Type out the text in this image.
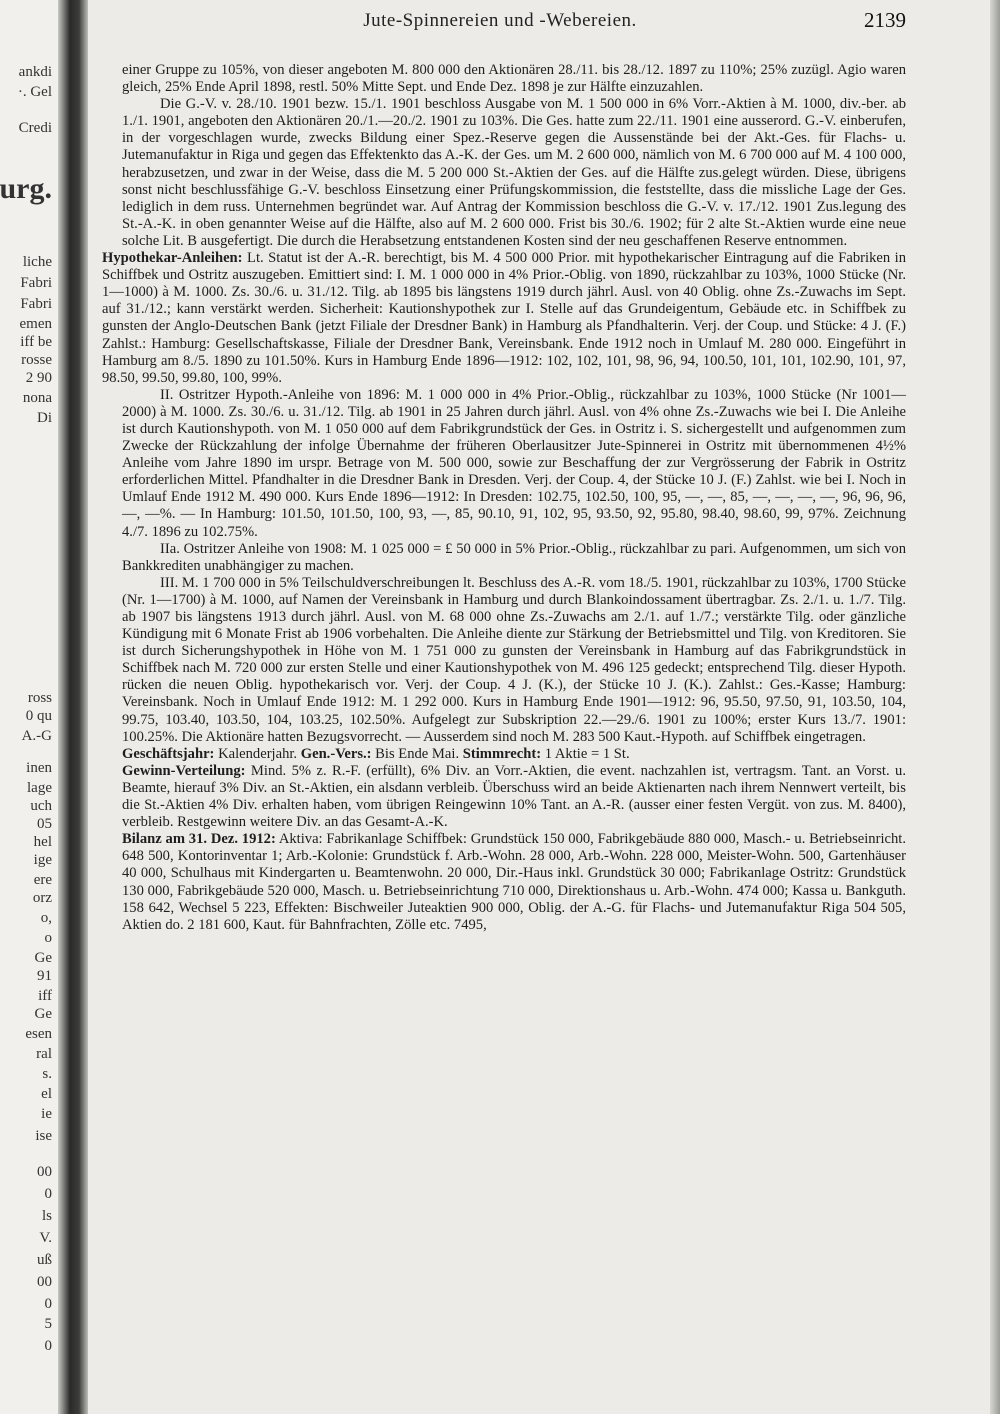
ankdi
·. Gel
Credi
urg.
liche
Fabri
Fabri
emen
iff be
rosse
2 90
nona
Di
ross
0 qu
A.-G
inen
lage
uch
05
hel
ige
ere
orz
o,
o
Ge
91
iff
Ge
esen
ral
s.
el
ie
ise
00
0
ls
V.
uß
00
0
5
0
Jute-Spinnereien und -Webereien.	2139

einer Gruppe zu 105%, von dieser angeboten M. 800 000 den Aktionären 28./11. bis 28./12. 1897 zu 110%; 25% zuzügl. Agio waren gleich, 25% Ende April 1898, restl. 50% Mitte Sept. und Ende Dez. 1898 je zur Hälfte einzuzahlen.

Die G.-V. v. 28./10. 1901 bezw. 15./1. 1901 beschloss Ausgabe von M. 1 500 000 in 6% Vorr.-Aktien à M. 1000, div.-ber. ab 1./1. 1901, angeboten den Aktionären 20./1.—20./2. 1901 zu 103%. Die Ges. hatte zum 22./11. 1901 eine ausserord. G.-V. einberufen, in der vorgeschlagen wurde, zwecks Bildung einer Spez.-Reserve gegen die Aussenstände bei der Akt.-Ges. für Flachs- u. Jutemanufaktur in Riga und gegen das Effektenkto das A.-K. der Ges. um M. 2 600 000, nämlich von M. 6 700 000 auf M. 4 100 000, herabzusetzen, und zwar in der Weise, dass die M. 5 200 000 St.-Aktien der Ges. auf die Hälfte zus.gelegt würden. Diese, übrigens sonst nicht beschlussfähige G.-V. beschloss Einsetzung einer Prüfungskommission, die feststellte, dass die missliche Lage der Ges. lediglich in dem russ. Unternehmen begründet war. Auf Antrag der Kommission beschloss die G.-V. v. 17./12. 1901 Zus.legung des St.-A.-K. in oben genannter Weise auf die Hälfte, also auf M. 2 600 000. Frist bis 30./6. 1902; für 2 alte St.-Aktien wurde eine neue solche Lit. B ausgefertigt. Die durch die Herabsetzung entstandenen Kosten sind der neu geschaffenen Reserve entnommen.

Hypothekar-Anleihen: Lt. Statut ist der A.-R. berechtigt, bis M. 4 500 000 Prior. mit hypothekarischer Eintragung auf die Fabriken in Schiffbek und Ostritz auszugeben. Emittiert sind: I. M. 1 000 000 in 4% Prior.-Oblig. von 1890, rückzahlbar zu 103%, 1000 Stücke (Nr. 1—1000) à M. 1000. Zs. 30./6. u. 31./12. Tilg. ab 1895 bis längstens 1919 durch jährl. Ausl. von 40 Oblig. ohne Zs.-Zuwachs im Sept. auf 31./12.; kann verstärkt werden. Sicherheit: Kautionshypothek zur I. Stelle auf das Grundeigentum, Gebäude etc. in Schiffbek zu gunsten der Anglo-Deutschen Bank (jetzt Filiale der Dresdner Bank) in Hamburg als Pfandhalterin. Verj. der Coup. und Stücke: 4 J. (F.) Zahlst.: Hamburg: Gesellschaftskasse, Filiale der Dresdner Bank, Vereinsbank. Ende 1912 noch in Umlauf M. 280 000. Eingeführt in Hamburg am 8./5. 1890 zu 101.50%. Kurs in Hamburg Ende 1896—1912: 102, 102, 101, 98, 96, 94, 100.50, 101, 101, 102.90, 101, 97, 98.50, 99.50, 99.80, 100, 99%.

II. Ostritzer Hypoth.-Anleihe von 1896: M. 1 000 000 in 4% Prior.-Oblig., rückzahlbar zu 103%, 1000 Stücke (Nr 1001—2000) à M. 1000. Zs. 30./6. u. 31./12. Tilg. ab 1901 in 25 Jahren durch jährl. Ausl. von 4% ohne Zs.-Zuwachs wie bei I. Die Anleihe ist durch Kautionshypoth. von M. 1 050 000 auf dem Fabrikgrundstück der Ges. in Ostritz i. S. sichergestellt und aufgenommen zum Zwecke der Rückzahlung der infolge Übernahme der früheren Oberlausitzer Jute-Spinnerei in Ostritz mit übernommenen 4½% Anleihe vom Jahre 1890 im urspr. Betrage von M. 500 000, sowie zur Beschaffung der zur Vergrösserung der Fabrik in Ostritz erforderlichen Mittel. Pfandhalter in die Dresdner Bank in Dresden. Verj. der Coup. 4, der Stücke 10 J. (F.) Zahlst. wie bei I. Noch in Umlauf Ende 1912 M. 490 000. Kurs Ende 1896—1912: In Dresden: 102.75, 102.50, 100, 95, —, —, 85, —, —, —, —, 96, 96, 96, —, —%. — In Hamburg: 101.50, 101.50, 100, 93, —, 85, 90.10, 91, 102, 95, 93.50, 92, 95.80, 98.40, 98.60, 99, 97%. Zeichnung 4./7. 1896 zu 102.75%.

IIa. Ostritzer Anleihe von 1908: M. 1 025 000 = £ 50 000 in 5% Prior.-Oblig., rückzahlbar zu pari. Aufgenommen, um sich von Bankkrediten unabhängiger zu machen.

III. M. 1 700 000 in 5% Teilschuldverschreibungen lt. Beschluss des A.-R. vom 18./5. 1901, rückzahlbar zu 103%, 1700 Stücke (Nr. 1—1700) à M. 1000, auf Namen der Vereinsbank in Hamburg und durch Blankoindossament übertragbar. Zs. 2./1. u. 1./7. Tilg. ab 1907 bis längstens 1913 durch jährl. Ausl. von M. 68 000 ohne Zs.-Zuwachs am 2./1. auf 1./7.; verstärkte Tilg. oder gänzliche Kündigung mit 6 Monate Frist ab 1906 vorbehalten. Die Anleihe diente zur Stärkung der Betriebsmittel und Tilg. von Kreditoren. Sie ist durch Sicherungshypothek in Höhe von M. 1 751 000 zu gunsten der Vereinsbank in Hamburg auf das Fabrikgrundstück in Schiffbek nach M. 720 000 zur ersten Stelle und einer Kautionshypothek von M. 496 125 gedeckt; entsprechend Tilg. dieser Hypoth. rücken die neuen Oblig. hypothekarisch vor. Verj. der Coup. 4 J. (K.), der Stücke 10 J. (K.). Zahlst.: Ges.-Kasse; Hamburg: Vereinsbank. Noch in Umlauf Ende 1912: M. 1 292 000. Kurs in Hamburg Ende 1901—1912: 96, 95.50, 97.50, 91, 103.50, 104, 99.75, 103.40, 103.50, 104, 103.25, 102.50%. Aufgelegt zur Subskription 22.—29./6. 1901 zu 100%; erster Kurs 13./7. 1901: 100.25%. Die Aktionäre hatten Bezugsvorrecht. — Ausserdem sind noch M. 283 500 Kaut.-Hypoth. auf Schiffbek eingetragen.

Geschäftsjahr: Kalenderjahr. Gen.-Vers.: Bis Ende Mai. Stimmrecht: 1 Aktie = 1 St.

Gewinn-Verteilung: Mind. 5% z. R.-F. (erfüllt), 6% Div. an Vorr.-Aktien, die event. nachzahlen ist, vertragsm. Tant. an Vorst. u. Beamte, hierauf 3% Div. an St.-Aktien, ein alsdann verbleib. Überschuss wird an beide Aktienarten nach ihrem Nennwert verteilt, bis die St.-Aktien 4% Div. erhalten haben, vom übrigen Reingewinn 10% Tant. an A.-R. (ausser einer festen Vergüt. von zus. M. 8400), verbleib. Restgewinn weitere Div. an das Gesamt-A.-K.

Bilanz am 31. Dez. 1912: Aktiva: Fabrikanlage Schiffbek: Grundstück 150 000, Fabrikgebäude 880 000, Masch.- u. Betriebseinricht. 648 500, Kontorinventar 1; Arb.-Kolonie: Grundstück f. Arb.-Wohn. 28 000, Arb.-Wohn. 228 000, Meister-Wohn. 500, Gartenhäuser 40 000, Schulhaus mit Kindergarten u. Beamtenwohn. 20 000, Dir.-Haus inkl. Grundstück 30 000; Fabrikanlage Ostritz: Grundstück 130 000, Fabrikgebäude 520 000, Masch. u. Betriebseinrichtung 710 000, Direktionshaus u. Arb.-Wohn. 474 000; Kassa u. Bankguth. 158 642, Wechsel 5 223, Effekten: Bischweiler Juteaktien 900 000, Oblig. der A.-G. für Flachs- und Jutemanufaktur Riga 504 505, Aktien do. 2 181 600, Kaut. für Bahnfrachten, Zölle etc. 7495,
